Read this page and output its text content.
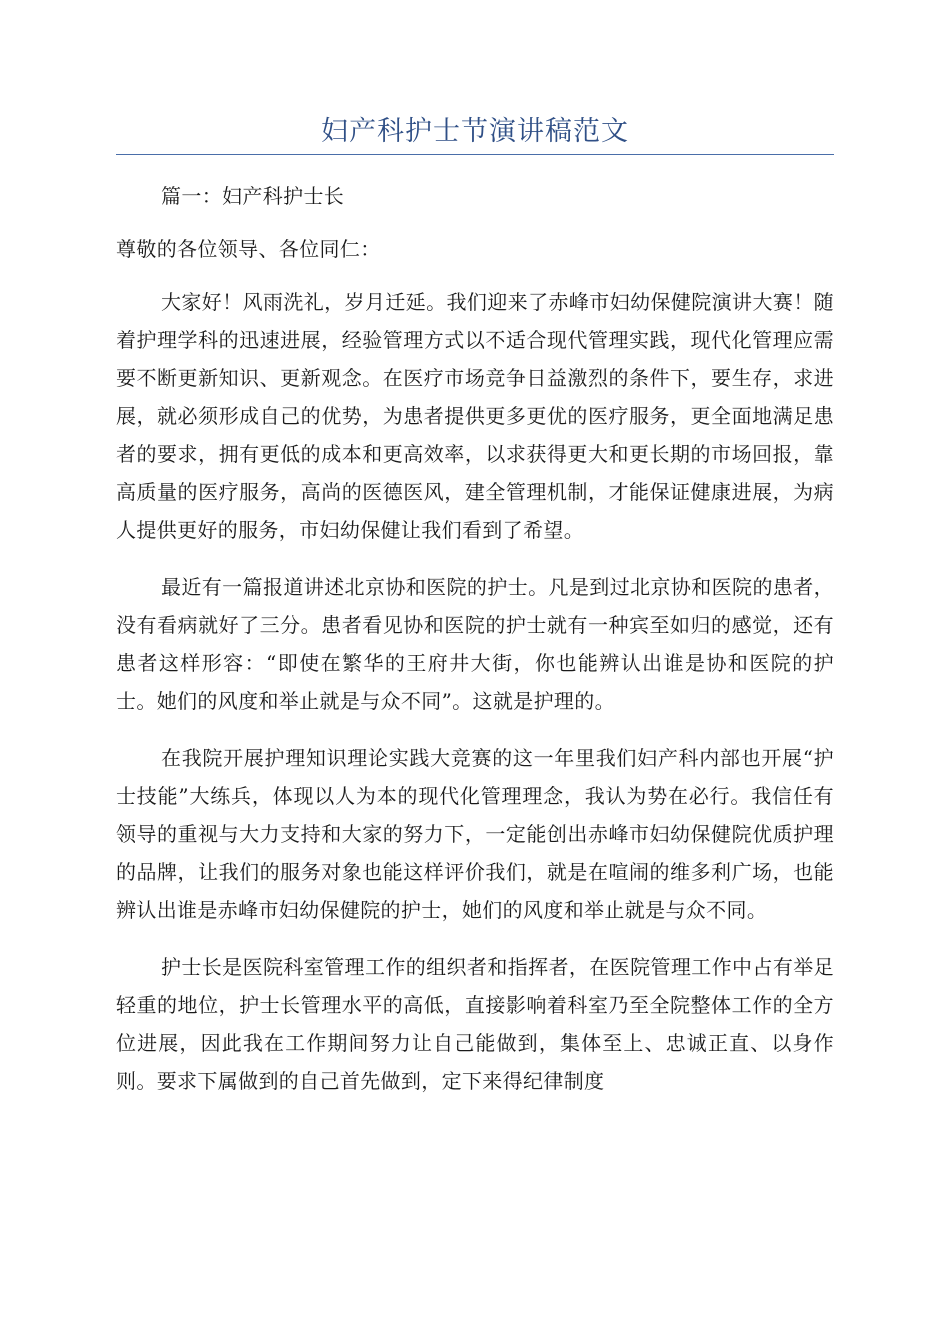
妇产科护士节演讲稿范文

篇一：妇产科护士长

尊敬的各位领导、各位同仁：

大家好！风雨洗礼，岁月迁延。我们迎来了赤峰市妇幼保健院演讲大赛！随着护理学科的迅速进展，经验管理方式以不适合现代管理实践，现代化管理应需要不断更新知识、更新观念。在医疗市场竞争日益激烈的条件下，要生存，求进展，就必须形成自己的优势，为患者提供更多更优的医疗服务，更全面地满足患者的要求，拥有更低的成本和更高效率，以求获得更大和更长期的市场回报，靠高质量的医疗服务，高尚的医德医风，建全管理机制，才能保证健康进展，为病人提供更好的服务，市妇幼保健让我们看到了希望。

最近有一篇报道讲述北京协和医院的护士。凡是到过北京协和医院的患者，没有看病就好了三分。患者看见协和医院的护士就有一种宾至如归的感觉，还有患者这样形容：“即使在繁华的王府井大街，你也能辨认出谁是协和医院的护士。她们的风度和举止就是与众不同”。这就是护理的。

在我院开展护理知识理论实践大竞赛的这一年里我们妇产科内部也开展“护士技能”大练兵，体现以人为本的现代化管理理念，我认为势在必行。我信任有领导的重视与大力支持和大家的努力下，一定能创出赤峰市妇幼保健院优质护理的品牌，让我们的服务对象也能这样评价我们，就是在喧闹的维多利广场，也能辨认出谁是赤峰市妇幼保健院的护士，她们的风度和举止就是与众不同。

护士长是医院科室管理工作的组织者和指挥者，在医院管理工作中占有举足轻重的地位，护士长管理水平的高低，直接影响着科室乃至全院整体工作的全方位进展，因此我在工作期间努力让自己能做到，集体至上、忠诚正直、以身作则。要求下属做到的自己首先做到，定下来得纪律制度
